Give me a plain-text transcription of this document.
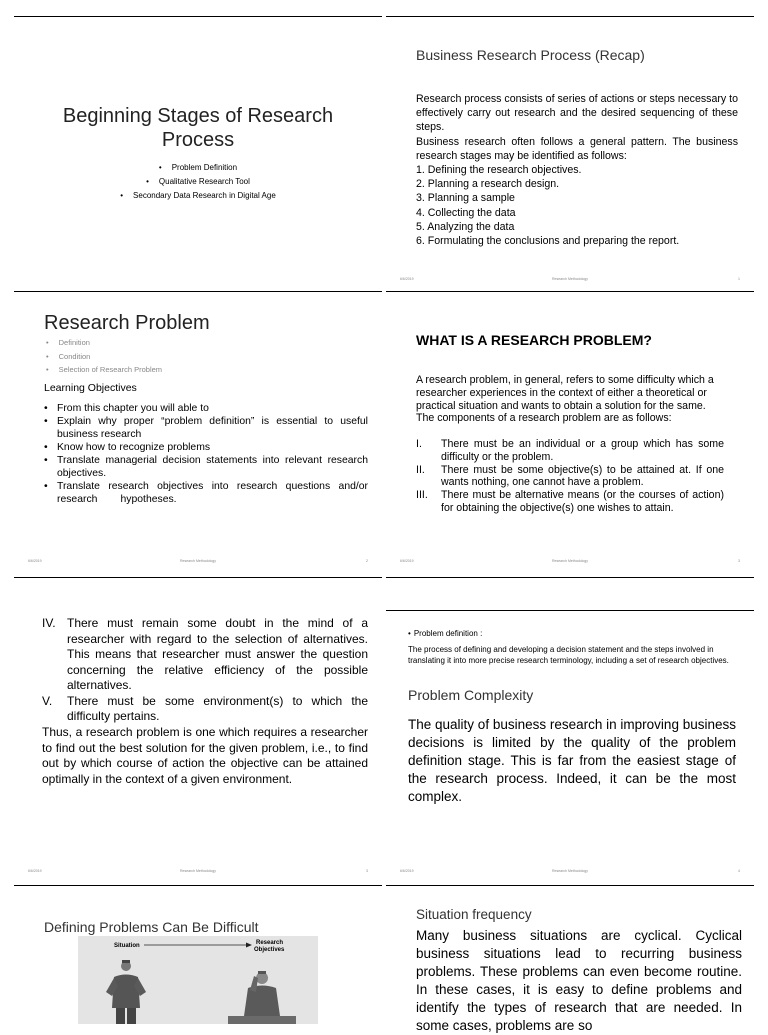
Beginning Stages of Research Process
• Problem Definition
• Qualitative Research Tool
• Secondary Data Research in Digital Age
Business Research Process (Recap)
Research process consists of series of actions or steps necessary to effectively carry out research and the desired sequencing of these steps.
Business research often follows a general pattern. The business research stages may be identified as follows:
1. Defining the research objectives.
2. Planning a research design.
3. Planning a sample
4. Collecting the data
5. Analyzing the data
6. Formulating the conclusions and preparing the report.
6/6/2019	Research Methodology	1
Research Problem
• Definition
• Condition
• Selection of Research Problem
Learning Objectives
• From this chapter you will able to
• Explain why proper “problem definition” is essential to useful business research
• Know how to recognize problems
• Translate managerial decision statements into relevant research        objectives.
• Translate research objectives into research questions and/or research        hypotheses.
6/6/2019	Research Methodology	2
WHAT IS A RESEARCH PROBLEM?
A research problem, in general, refers to some difficulty which a researcher experiences in the context of either a theoretical or practical situation and wants to obtain a solution for the same. The components of a research problem are as follows:
I. There must be an individual or a group which has some difficulty or the problem.
II. There must be some objective(s) to be attained at. If one wants nothing, one cannot have a problem.
III. There must be alternative means (or the courses of action) for obtaining the objective(s) one wishes to attain.
6/6/2019	Research Methodology	3
IV. There must remain some doubt in the mind of a researcher with regard to the selection of alternatives. This means that researcher must answer the question concerning the relative efficiency of the possible alternatives.
V. There must be some environment(s) to which the difficulty pertains.
Thus, a research problem is one which requires a researcher to find out the best solution for the given problem, i.e., to find out by which course of action the objective can be attained optimally in the context of a given environment.
6/6/2019	Research Methodology	3
• Problem definition :
The process of defining and developing a decision statement and the steps involved in translating it into more precise research terminology, including a set of research objectives.
Problem Complexity
The quality of business research in improving business decisions is limited by the quality of the problem definition stage. This is far from the easiest stage of the research process. Indeed, it can be the most complex.
6/6/2019	Research Methodology	4
Defining Problems Can Be Difficult
Situation	Research
Objectives
Situation frequency
Many business situations are cyclical. Cyclical business situations lead to recurring business problems. These problems can even become routine. In these cases, it is easy to define problems and identify the types of research that are needed. In some cases, problems are so
